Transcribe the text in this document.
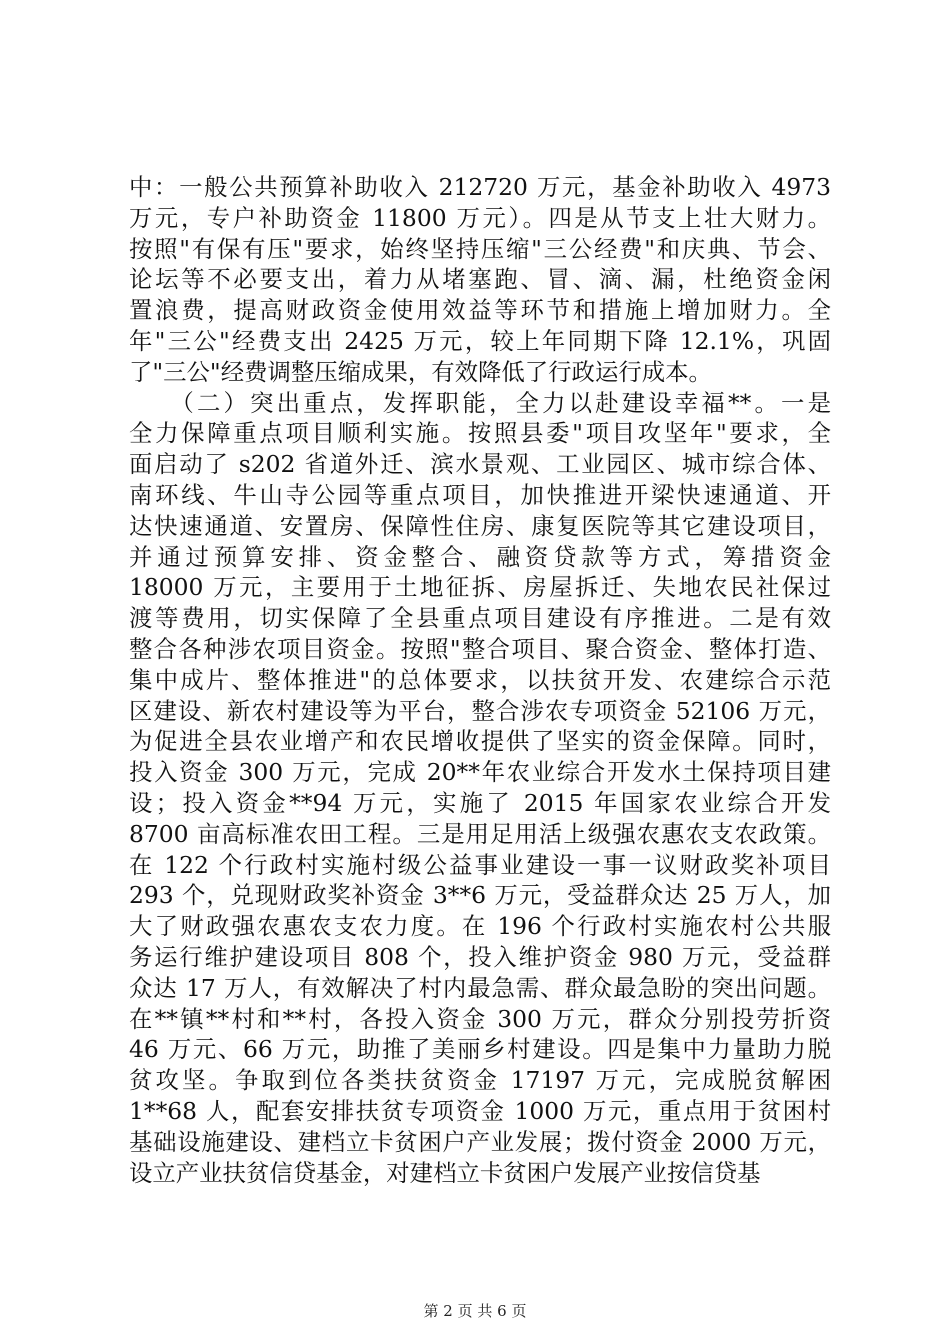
中：一般公共预算补助收入 212720 万元，基金补助收入 4973
万元，专户补助资金 11800 万元）。四是从节支上壮大财力。
按照"有保有压"要求，始终坚持压缩"三公经费"和庆典、节会、
论坛等不必要支出，着力从堵塞跑、冒、滴、漏，杜绝资金闲
置浪费，提高财政资金使用效益等环节和措施上增加财力。全
年"三公"经费支出 2425 万元，较上年同期下降 12.1%，巩固
了"三公"经费调整压缩成果，有效降低了行政运行成本。
　　（二）突出重点，发挥职能，全力以赴建设幸福**。一是
全力保障重点项目顺利实施。按照县委"项目攻坚年"要求，全
面启动了 s202 省道外迁、滨水景观、工业园区、城市综合体、
南环线、牛山寺公园等重点项目，加快推进开梁快速通道、开
达快速通道、安置房、保障性住房、康复医院等其它建设项目，
并通过预算安排、资金整合、融资贷款等方式，筹措资金
18000 万元，主要用于土地征拆、房屋拆迁、失地农民社保过
渡等费用，切实保障了全县重点项目建设有序推进。二是有效
整合各种涉农项目资金。按照"整合项目、聚合资金、整体打造、
集中成片、整体推进"的总体要求，以扶贫开发、农建综合示范
区建设、新农村建设等为平台，整合涉农专项资金 52106 万元，
为促进全县农业增产和农民增收提供了坚实的资金保障。同时，
投入资金 300 万元，完成 20**年农业综合开发水土保持项目建
设；投入资金**94 万元，实施了 2015 年国家农业综合开发
8700 亩高标准农田工程。三是用足用活上级强农惠农支农政策。
在 122 个行政村实施村级公益事业建设一事一议财政奖补项目
293 个，兑现财政奖补资金 3**6 万元，受益群众达 25 万人，加
大了财政强农惠农支农力度。在 196 个行政村实施农村公共服
务运行维护建设项目 808 个，投入维护资金 980 万元，受益群
众达 17 万人，有效解决了村内最急需、群众最急盼的突出问题。
在**镇**村和**村，各投入资金 300 万元，群众分别投劳折资
46 万元、66 万元，助推了美丽乡村建设。四是集中力量助力脱
贫攻坚。争取到位各类扶贫资金 17197 万元，完成脱贫解困
1**68 人，配套安排扶贫专项资金 1000 万元，重点用于贫困村
基础设施建设、建档立卡贫困户产业发展；拨付资金 2000 万元，
设立产业扶贫信贷基金，对建档立卡贫困户发展产业按信贷基
第 2 页 共 6 页
